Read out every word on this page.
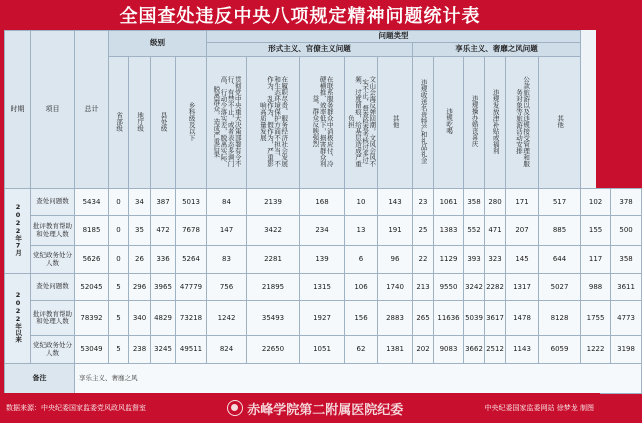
全国查处违反中央八项规定精神问题统计表
时期	项目	总计	级别				问题类型												
							形式主义、官僚主义问题					享乐主义、奢靡之风问题							
			省部级	地厅级	县处级	乡科级及以下	贯彻党中央重大决策部署有令不行、有禁不止，或者表态多调门高、行动少落实差，脱离实际、脱离群众，造成严重后果	在履职尽责、服务经济社会发展和生态环境保护方面不担当、不作为、乱作为、假作为，严重影响高质量发展	在联系服务群众中消极应付、冷硬横推、效率低下，损害群众利益，群众反映强烈	文山会海反弹回潮，文风会风不实不正，督查检查考核过多过频、过度留痕，给基层造成严重负担	其他	违规收送名贵特产和礼品礼金	违规吃喝	违规操办婚丧喜庆	违规发放津补贴或福利	公款旅游以及违规接受管理和服务对象等旅游活动安排	其他		
2022年7月	查处问题数	5434	0	34	387	5013	84	2139	168	10	143	23	1061	358	280	171	517	102	378
	批评教育帮助和处理人数	8185	0	35	472	7678	147	3422	234	13	191	25	1383	552	471	207	885	155	500
	党纪政务处分人数	5626	0	26	336	5264	83	2281	139	6	96	22	1129	393	323	145	644	117	358
2022年以来	查处问题数	52045	5	296	3965	47779	756	21895	1315	106	1740	213	9550	3242	2282	1317	5027	988	3611
	批评教育帮助和处理人数	78392	5	340	4829	73218	1242	35493	1927	156	2883	265	11636	5039	3617	1478	8128	1755	4773
	党纪政务处分人数	53049	5	238	3245	49511	824	22650	1051	62	1381	202	9083	3662	2512	1143	6059	1222	3198
备注		享乐主义、奢靡之风																	
数据来源：中央纪委国家监委党风政风监督室	赤峰学院第二附属医院纪委	中央纪委国家监委网站 徐梦龙 制图
